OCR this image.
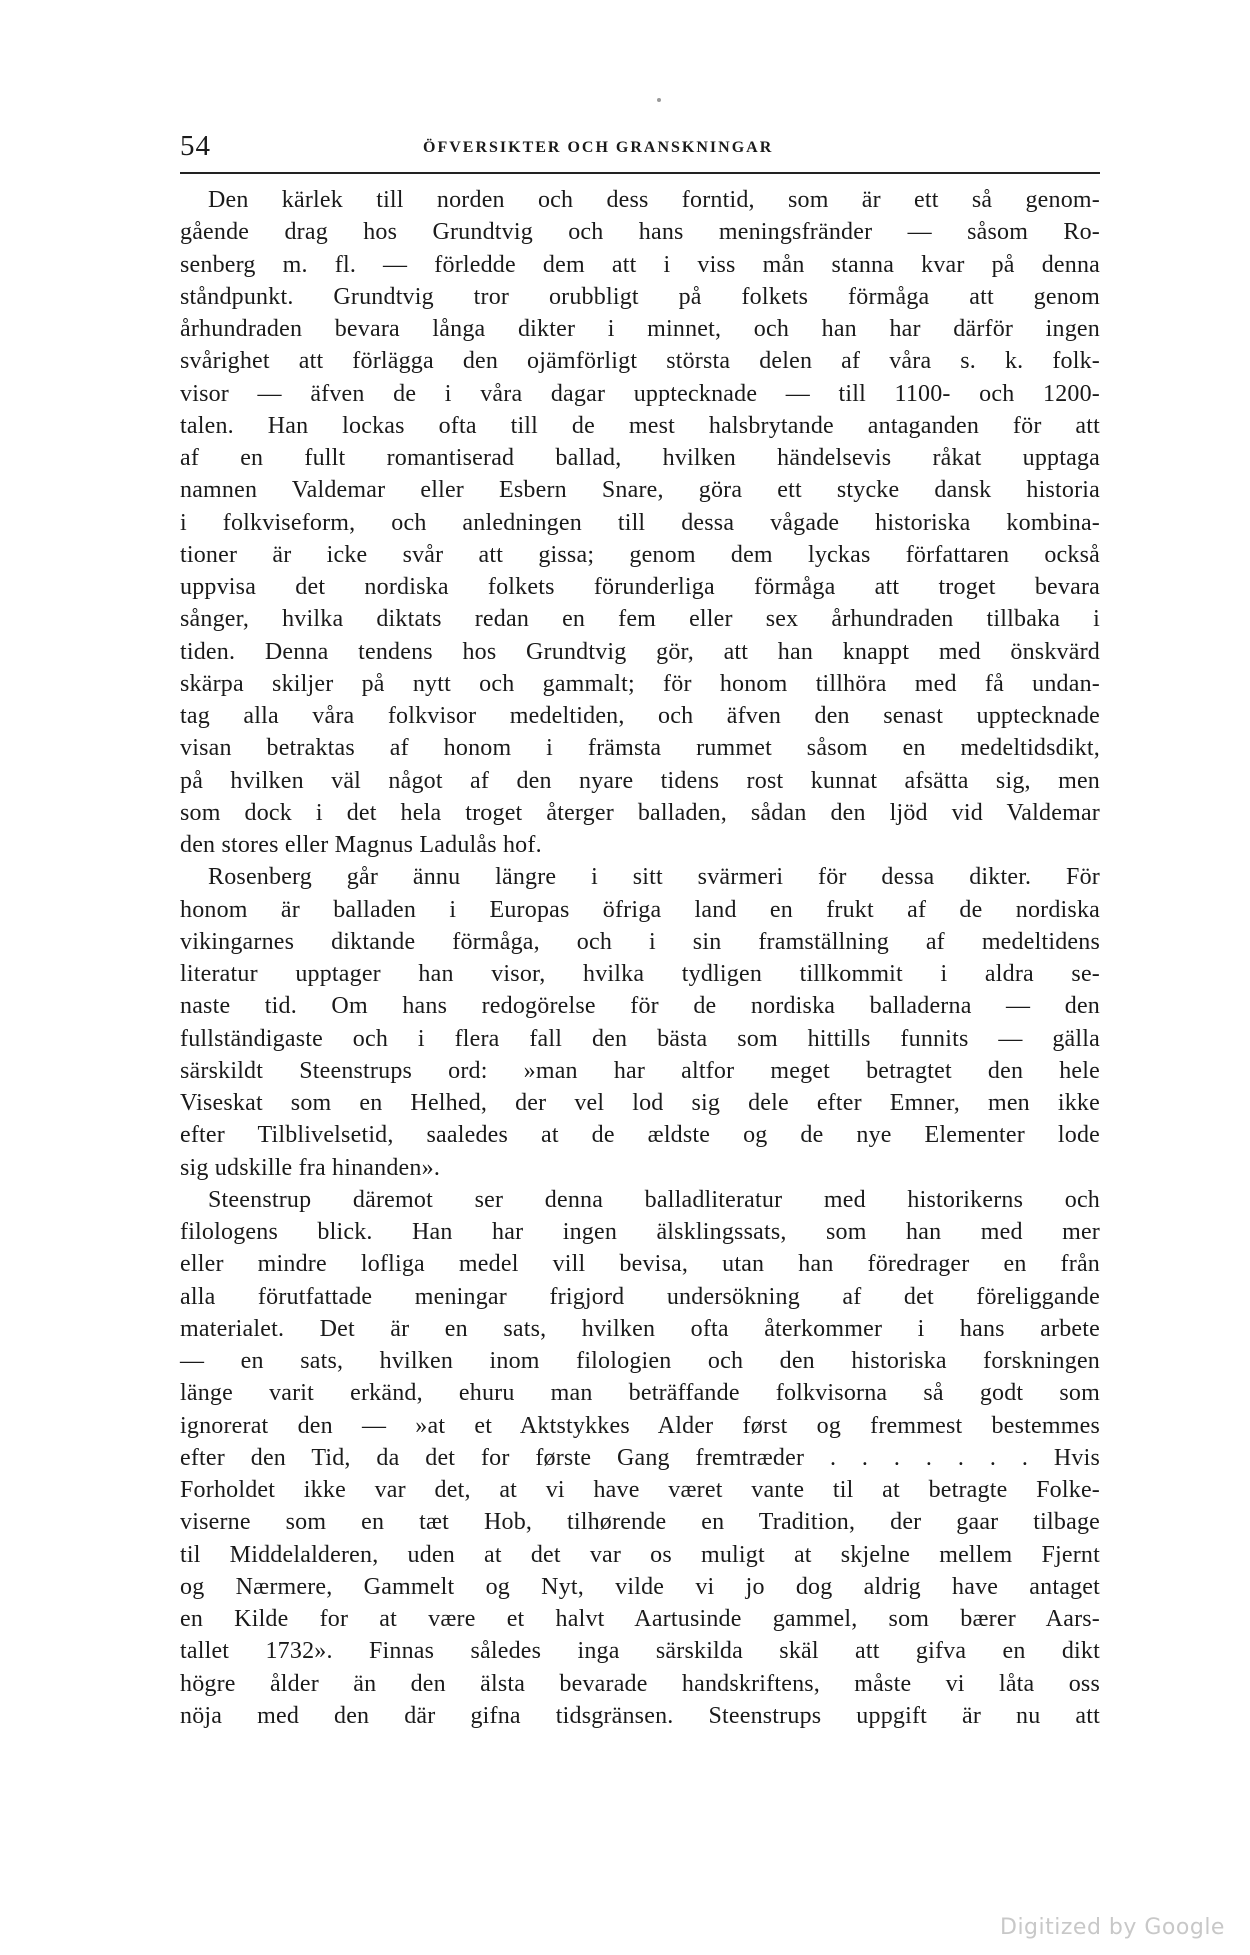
54	ÖFVERSIKTER OCH GRANSKNINGAR
Den kärlek till norden och dess forntid, som är ett så genom-
gående drag hos Grundtvig och hans meningsfränder — såsom Ro-
senberg m. fl. — förledde dem att i viss mån stanna kvar på denna
ståndpunkt. Grundtvig tror orubbligt på folkets förmåga att genom
århundraden bevara långa dikter i minnet, och han har därför ingen
svårighet att förlägga den ojämförligt största delen af våra s. k. folk-
visor — äfven de i våra dagar upptecknade — till 1100- och 1200-
talen. Han lockas ofta till de mest halsbrytande antaganden för att
af en fullt romantiserad ballad, hvilken händelsevis råkat upptaga
namnen Valdemar eller Esbern Snare, göra ett stycke dansk historia
i folkviseform, och anledningen till dessa vågade historiska kombina-
tioner är icke svår att gissa; genom dem lyckas författaren också
uppvisa det nordiska folkets förunderliga förmåga att troget bevara
sånger, hvilka diktats redan en fem eller sex århundraden tillbaka i
tiden. Denna tendens hos Grundtvig gör, att han knappt med önskvärd
skärpa skiljer på nytt och gammalt; för honom tillhöra med få undan-
tag alla våra folkvisor medeltiden, och äfven den senast upptecknade
visan betraktas af honom i främsta rummet såsom en medeltidsdikt,
på hvilken väl något af den nyare tidens rost kunnat afsätta sig, men
som dock i det hela troget återger balladen, sådan den ljöd vid Valdemar
den stores eller Magnus Ladulås hof.
Rosenberg går ännu längre i sitt svärmeri för dessa dikter. För
honom är balladen i Europas öfriga land en frukt af de nordiska
vikingarnes diktande förmåga, och i sin framställning af medeltidens
literatur upptager han visor, hvilka tydligen tillkommit i aldra se-
naste tid. Om hans redogörelse för de nordiska balladerna — den
fullständigaste och i flera fall den bästa som hittills funnits — gälla
särskildt Steenstrups ord: »man har altfor meget betragtet den hele
Viseskat som en Helhed, der vel lod sig dele efter Emner, men ikke
efter Tilblivelsetid, saaledes at de ældste og de nye Elementer lode
sig udskille fra hinanden».
Steenstrup däremot ser denna balladliteratur med historikerns och
filologens blick. Han har ingen älsklingssats, som han med mer
eller mindre lofliga medel vill bevisa, utan han föredrager en från
alla förutfattade meningar frigjord undersökning af det föreliggande
materialet. Det är en sats, hvilken ofta återkommer i hans arbete
— en sats, hvilken inom filologien och den historiska forskningen
länge varit erkänd, ehuru man beträffande folkvisorna så godt som
ignorerat den — »at et Aktstykkes Alder først og fremmest bestemmes
efter den Tid, da det for første Gang fremtræder . . . . . . . Hvis
Forholdet ikke var det, at vi have været vante til at betragte Folke-
viserne som en tæt Hob, tilhørende en Tradition, der gaar tilbage
til Middelalderen, uden at det var os muligt at skjelne mellem Fjernt
og Nærmere, Gammelt og Nyt, vilde vi jo dog aldrig have antaget
en Kilde for at være et halvt Aartusinde gammel, som bærer Aars-
tallet 1732». Finnas således inga särskilda skäl att gifva en dikt
högre ålder än den älsta bevarade handskriftens, måste vi låta oss
nöja med den där gifna tidsgränsen. Steenstrups uppgift är nu att
Digitized by Google
